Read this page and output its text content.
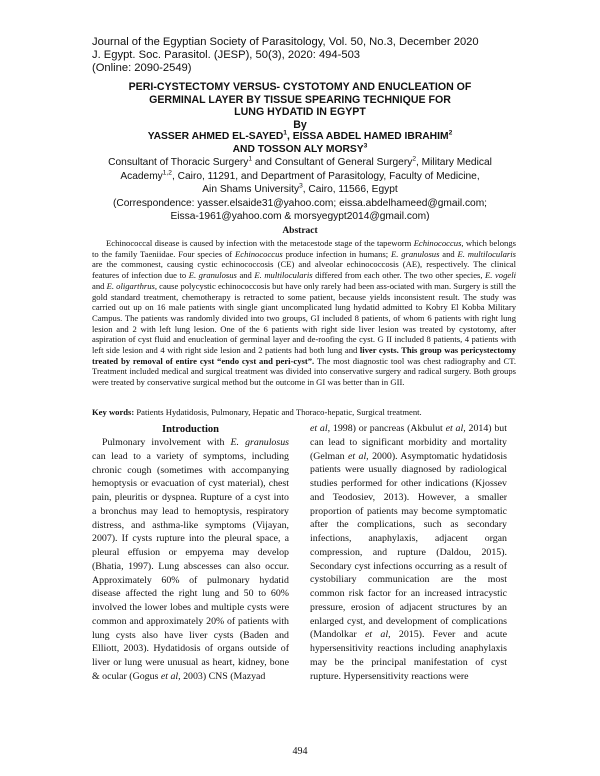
Journal of the Egyptian Society of Parasitology, Vol. 50, No.3, December 2020
J. Egypt. Soc. Parasitol. (JESP), 50(3), 2020: 494-503
(Online: 2090-2549)
PERI-CYSTECTOMY VERSUS- CYSTOTOMY AND ENUCLEATION OF
GERMINAL LAYER BY TISSUE SPEARING TECHNIQUE FOR
LUNG HYDATID IN EGYPT
By
YASSER AHMED EL-SAYED$^1$, EISSA ABDEL HAMED IBRAHIM$^2$
AND TOSSON ALY MORSY$^3$
Consultant of Thoracic Surgery$^1$ and Consultant of General Surgery$^2$, Military Medical Academy$^{1,2}$, Cairo, 11291, and Department of Parasitology, Faculty of Medicine,
Ain Shams University$^3$, Cairo, 11566, Egypt
(Correspondence: yasser.elsaide31@yahoo.com; eissa.abdelhameed@gmail.com;
Eissa-1961@yahoo.com & morsyegypt2014@gmail.com)
Abstract

Echinococcal disease is caused by infection with the metacestode stage of the tapeworm Echinococcus, which belongs to the family Taeniidae. Four species of Echinococcus produce infection in humans; E. granulosus and E. multilocularis are the commonest, causing cystic echinococcosis (CE) and alveolar echinococcosis (AE), respectively. The clinical features of infection due to E. granulosus and E. multilocularis differed from each other. The two other species, E. vogeli and E. oligarthrus, cause polycystic echinococcosis but have only rarely had been ass-ociated with man. Surgery is still the gold standard treatment, chemotherapy is retracted to some patient, because yields inconsistent result. The study was carried out up on 16 male patients with single giant uncomplicated lung hydatid admitted to Kobry El Kobba Military Campus. The patients was randomly divided into two groups, GI included 8 patients, of whom 6 patients with right lung lesion and 2 with left lung lesion. One of the 6 patients with right side liver lesion was treated by cystotomy, after aspiration of cyst fluid and enucleation of germinal layer and de-roofing the cyst. G II included 8 patients, 4 patients with left side lesion and 4 with right side lesion and 2 patients had both lung and liver cysts. This group was pericystectomy treated by removal of entire cyst “endo cyst and peri-cyst”. The most diagnostic tool was chest radiography and CT. Treatment included medical and surgical treatment was divided into conservative surgery and radical surgery. Both groups were treated by conservative surgical method but the outcome in GI was better than in GII.

Key words: Patients Hydatidosis, Pulmonary, Hepatic and Thoraco-hepatic, Surgical treatment.
Introduction

Pulmonary involvement with E. granulosus can lead to a variety of symptoms, including chronic cough (sometimes with accompanying hemoptysis or evacuation of cyst material), chest pain, pleuritis or dyspnea. Rupture of a cyst into a bronchus may lead to hemoptysis, respiratory distress, and asthma-like symptoms (Vijayan, 2007). If cysts rupture into the pleural space, a pleural effusion or empyema may develop (Bhatia, 1997). Lung abscesses can also occur. Approximately 60% of pulmonary hydatid disease affected the right lung and 50 to 60% involved the lower lobes and multiple cysts were common and approximately 20% of patients with lung cysts also have liver cysts (Baden and Elliott, 2003). Hydatidosis of organs outside of liver or lung were unusual as heart, kidney, bone & ocular (Gogus et al, 2003) CNS (Mazyad

et al, 1998) or pancreas (Akbulut et al, 2014) but can lead to significant morbidity and mortality (Gelman et al, 2000). Asymptomatic hydatidosis patients were usually diagnosed by radiological studies performed for other indications (Kjossev and Teodosiev, 2013). However, a smaller proportion of patients may become symptomatic after the complications, such as secondary infections, anaphylaxis, adjacent organ compression, and rupture (Daldou, 2015). Secondary cyst infections occurring as a result of cystobiliary communication are the most common risk factor for an increased intracystic pressure, erosion of adjacent structures by an enlarged cyst, and development of complications (Mandolkar et al, 2015). Fever and acute hypersensitivity reactions including anaphylaxis may be the principal manifestation of cyst rupture. Hypersensitivity reactions were

494
